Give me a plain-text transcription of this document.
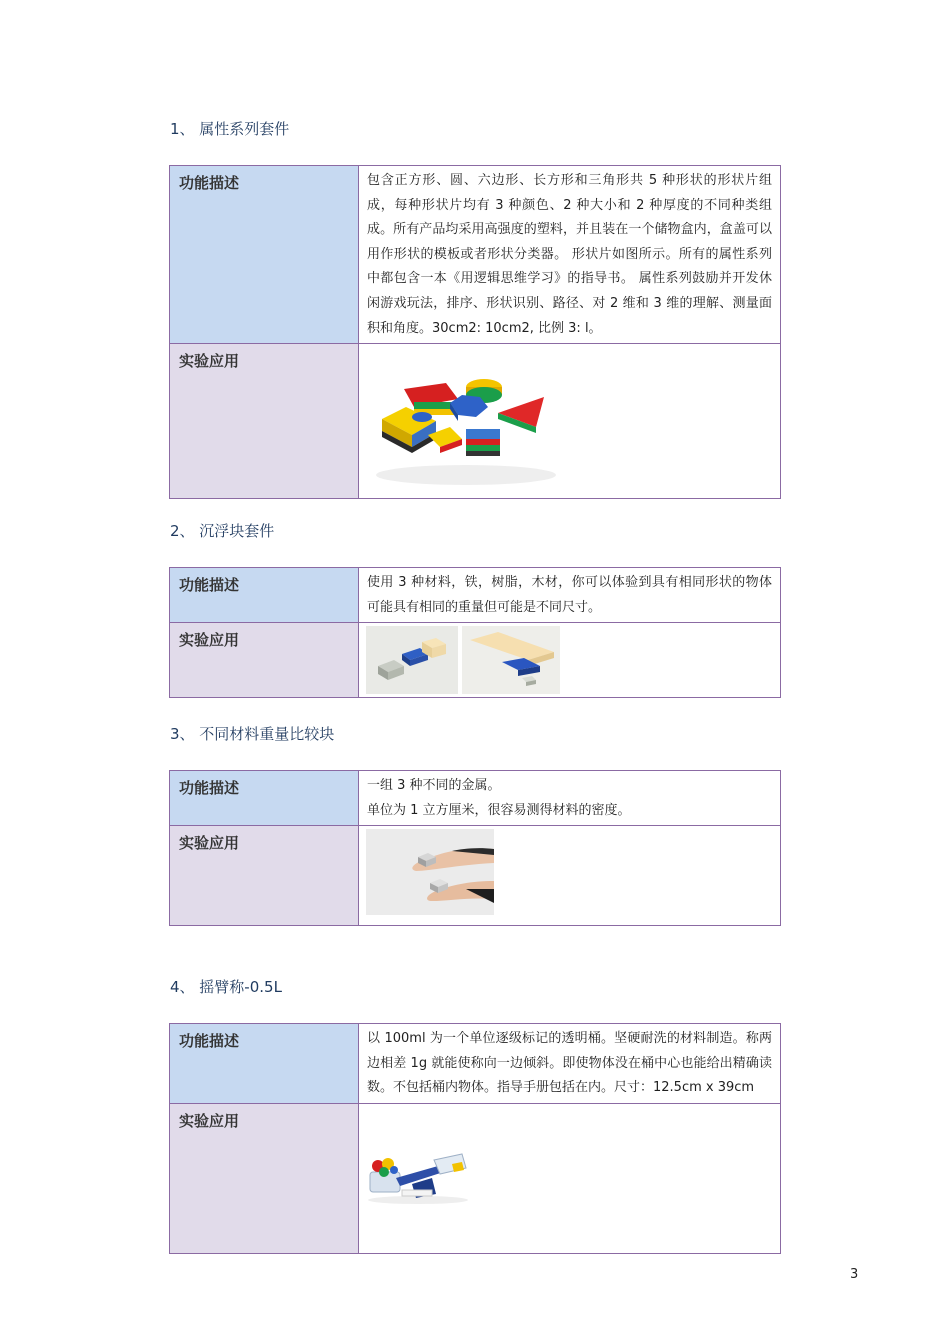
1、 属性系列套件
功能描述	包含正方形、圆、六边形、长方形和三角形共 5 种形状的形状片组成，每种形状片均有 3 种颜色、2 种大小和 2 种厚度的不同种类组成。所有产品均采用高强度的塑料，并且装在一个储物盒内，盒盖可以用作形状的模板或者形状分类器。 形状片如图所示。所有的属性系列中都包含一本《用逻辑思维学习》的指导书。 属性系列鼓励并开发休闲游戏玩法，排序、形状识别、路径、对 2 维和 3 维的理解、测量面积和角度。30cm2: 10cm2, 比例 3: l。
实验应用	
2、 沉浮块套件
功能描述	使用 3 种材料，铁，树脂，木材，你可以体验到具有相同形状的物体可能具有相同的重量但可能是不同尺寸。
实验应用	
3、 不同材料重量比较块
功能描述	一组 3 种不同的金属。
单位为 1 立方厘米，很容易测得材料的密度。

实验应用	
4、 摇臂称-0.5L
功能描述	以 100ml 为一个单位逐级标记的透明桶。坚硬耐洗的材料制造。称两边相差 1g 就能使称向一边倾斜。即使物体没在桶中心也能给出精确读数。不包括桶内物体。指导手册包括在内。尺寸：12.5cm x 39cm
实验应用	
3
